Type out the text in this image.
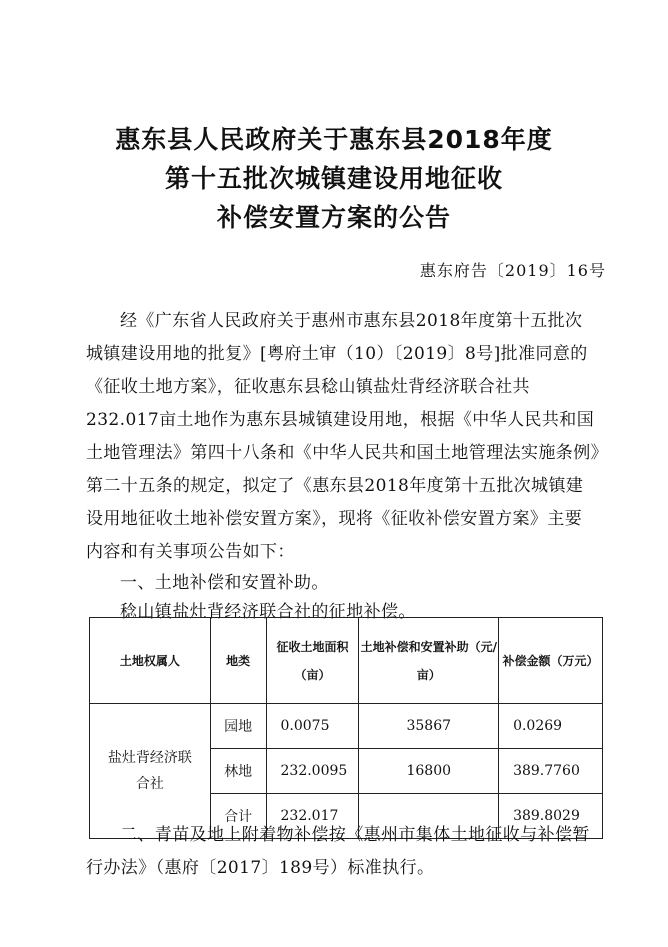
惠东县人民政府关于惠东县2018年度
第十五批次城镇建设用地征收
补偿安置方案的公告
惠东府告〔2019〕16号
经《广东省人民政府关于惠州市惠东县2018年度第十五批次
城镇建设用地的批复》[粤府土审（10）〔2019〕8号]批准同意的
《征收土地方案》，征收惠东县稔山镇盐灶背经济联合社共
232.017亩土地作为惠东县城镇建设用地，根据《中华人民共和国
土地管理法》第四十八条和《中华人民共和国土地管理法实施条例》
第二十五条的规定，拟定了《惠东县2018年度第十五批次城镇建
设用地征收土地补偿安置方案》，现将《征收补偿安置方案》主要
内容和有关事项公告如下：
一、土地补偿和安置补助。
稔山镇盐灶背经济联合社的征地补偿。
土地权属人	地类	征收土地面积（亩）	土地补偿和安置补助（元/亩）	补偿金额（万元）
盐灶背经济联合社	园地	0.0075	35867	0.0269
	林地	232.0095	16800	389.7760
	合计	232.017		389.8029
二、青苗及地上附着物补偿按《惠州市集体土地征收与补偿暂
行办法》（惠府〔2017〕189号）标准执行。
